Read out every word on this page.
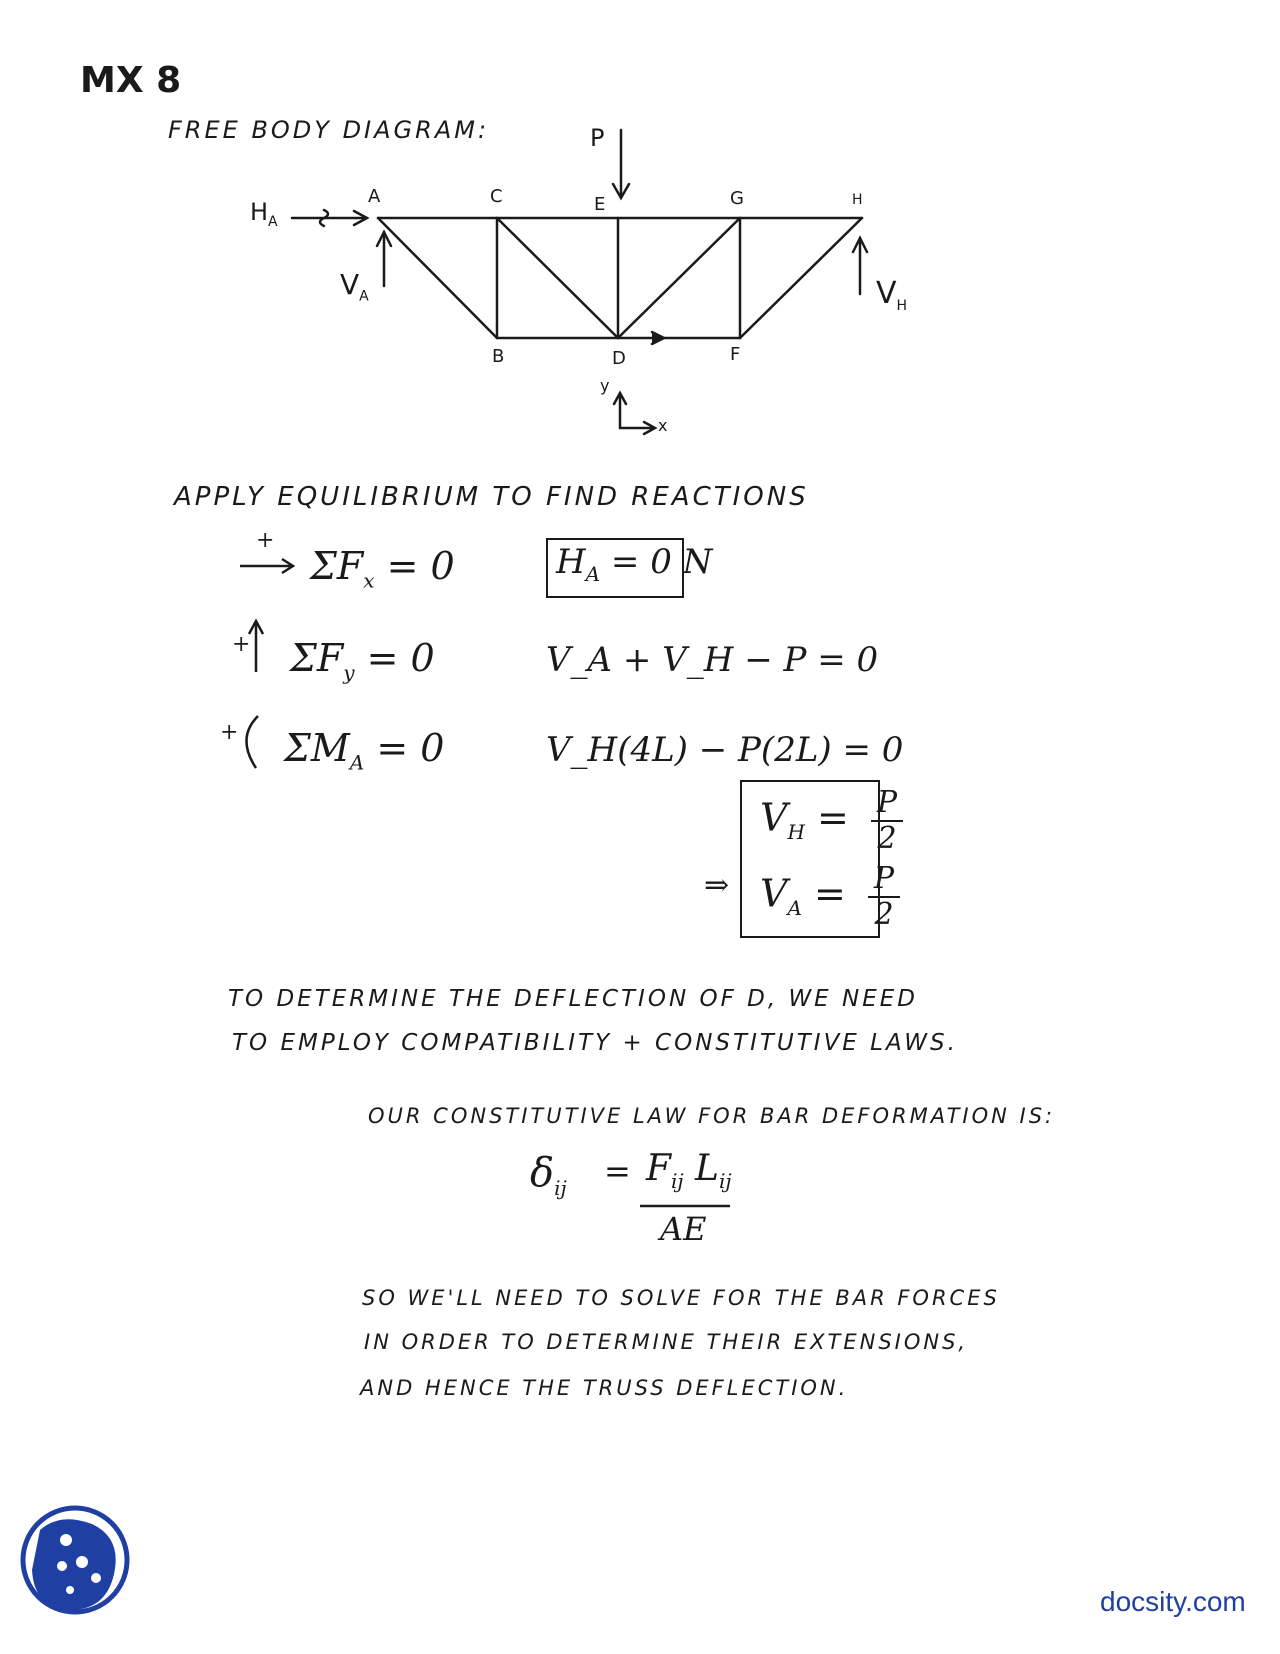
MX 8
FREE BODY DIAGRAM:
A	C	E	G	H
B	D	F
P
$H_A$
$V_A$	$V_H$
y
x
APPLY EQUILIBRIUM TO FIND REACTIONS
+
$\Sigma F_x = 0$	$H_A = 0$ N
+ $\Sigma F_y = 0$	V_A + V_H − P = 0
+ $\Sigma M_A = 0$	V_H(4L) − P(2L) = 0
$V_H = \frac{P}{2}$
⇒ $V_A = \frac{P}{2}$
TO DETERMINE THE DEFLECTION OF D, WE NEED
TO EMPLOY COMPATIBILITY + CONSTITUTIVE LAWS.
OUR CONSTITUTIVE LAW FOR BAR DEFORMATION IS:
$\delta_{ij} = F_{ij}$ $L_{ij}$
AE
SO WE'LL NEED TO SOLVE FOR THE BAR FORCES
IN ORDER TO DETERMINE THEIR EXTENSIONS,
AND HENCE THE TRUSS DEFLECTION.
docsity.com
